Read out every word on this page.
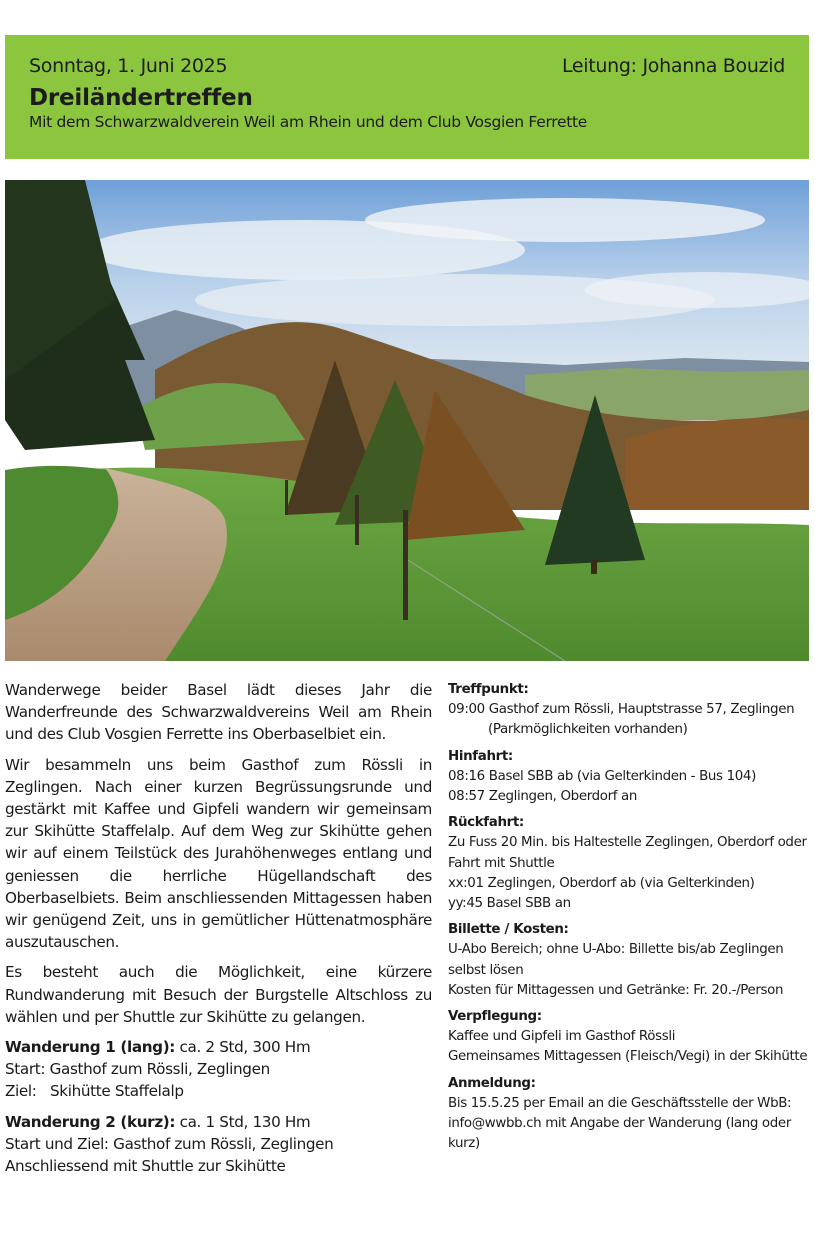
Sonntag, 1. Juni 2025	Leitung: Johanna Bouzid
Dreiländertreffen
Mit dem Schwarzwaldverein Weil am Rhein und dem Club Vosgien Ferrette

Wanderwege beider Basel lädt dieses Jahr die Wanderfreunde des Schwarzwaldvereins Weil am Rhein und des Club Vosgien Ferrette ins Oberbaselbiet ein.

Wir besammeln uns beim Gasthof zum Rössli in Zeglingen. Nach einer kurzen Begrüssungsrunde und gestärkt mit Kaffee und Gipfeli wandern wir gemeinsam zur Skihütte Staffelalp. Auf dem Weg zur Skihütte gehen wir auf einem Teilstück des Jurahöhenweges entlang und geniessen die herrliche Hügellandschaft des Oberbaselbiets. Beim anschliessenden Mittagessen haben wir genügend Zeit, uns in gemütlicher Hüttenatmosphäre auszutauschen.

Es besteht auch die Möglichkeit, eine kürzere Rundwanderung mit Besuch der Burgstelle Altschloss zu wählen und per Shuttle zur Skihütte zu gelangen.

Wanderung 1 (lang): ca. 2 Std, 300 Hm
Start: Gasthof zum Rössli, Zeglingen
Ziel:   Skihütte Staffelalp
Wanderung 2 (kurz): ca. 1 Std, 130 Hm
Start und Ziel: Gasthof zum Rössli, Zeglingen
Anschliessend mit Shuttle zur Skihütte
Treffpunkt:
09:00 Gasthof zum Rössli, Hauptstrasse 57, Zeglingen
(Parkmöglichkeiten vorhanden)
Hinfahrt:
08:16 Basel SBB ab (via Gelterkinden - Bus 104)
08:57 Zeglingen, Oberdorf an
Rückfahrt:
Zu Fuss 20 Min. bis Haltestelle Zeglingen, Oberdorf oder Fahrt mit Shuttle
xx:01 Zeglingen, Oberdorf ab (via Gelterkinden)
yy:45 Basel SBB an
Billette / Kosten:
U-Abo Bereich; ohne U-Abo: Billette bis/ab Zeglingen selbst lösen
Kosten für Mittagessen und Getränke: Fr. 20.-/Person
Verpflegung:
Kaffee und Gipfeli im Gasthof Rössli
Gemeinsames Mittagessen (Fleisch/Vegi) in der Skihütte
Anmeldung:
Bis 15.5.25 per Email an die Geschäftsstelle der WbB: info@wwbb.ch mit Angabe der Wanderung (lang oder kurz)
